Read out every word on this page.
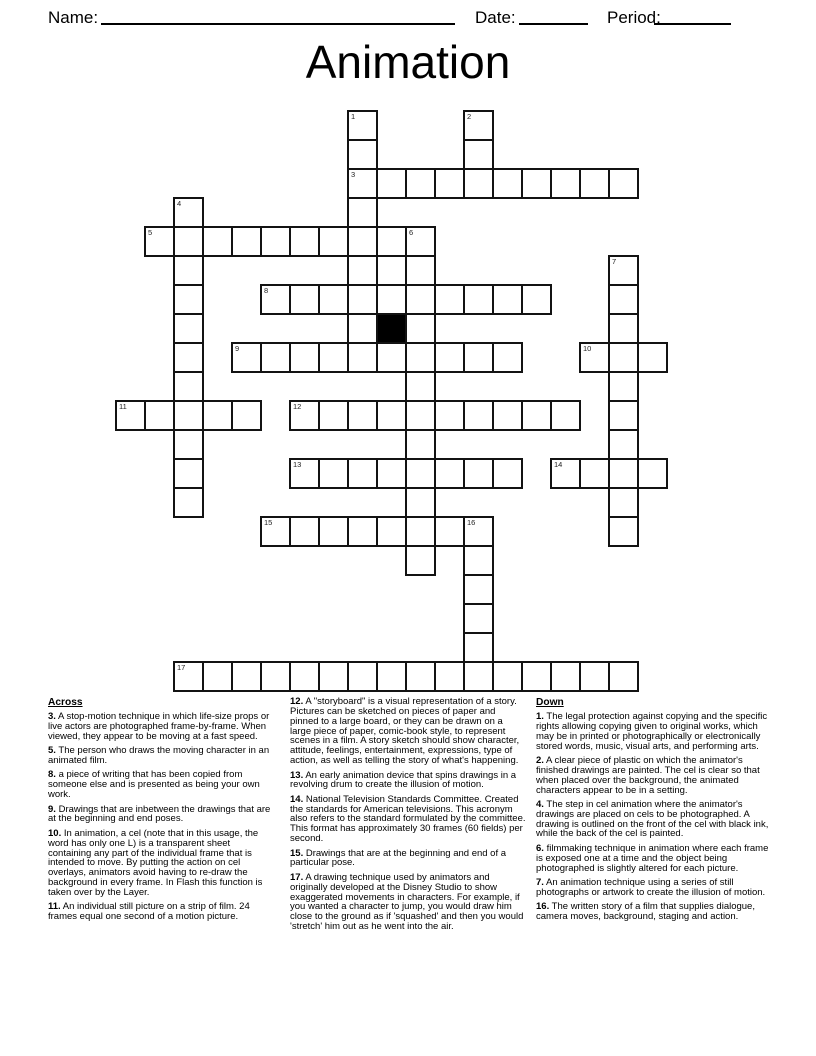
Name:	Date:	Period:
Animation
1
3
2
4
5	6
7
8
9	10
11	12
13	14
15	16
17
Across

3. A stop-motion technique in which life-size props or live actors are photographed frame-by-frame. When viewed, they appear to be moving at a fast speed.

5. The person who draws the moving character in an animated film.

8. a piece of writing that has been copied from someone else and is presented as being your own work.

9. Drawings that are inbetween the drawings that are at the beginning and end poses.

10. In animation, a cel (note that in this usage, the word has only one L) is a transparent sheet containing any part of the individual frame that is intended to move. By putting the action on cel overlays, animators avoid having to re-draw the background in every frame. In Flash this function is taken over by the Layer.

11. An individual still picture on a strip of film. 24 frames equal one second of a motion picture.

12. A "storyboard" is a visual representation of a story. Pictures can be sketched on pieces of paper and pinned to a large board, or they can be drawn on a large piece of paper, comic-book style, to represent scenes in a film. A story sketch should show character, attitude, feelings, entertainment, expressions, type of action, as well as telling the story of what's happening.

13. An early animation device that spins drawings in a revolving drum to create the illusion of motion.

14. National Television Standards Committee. Created the standards for American televisions. This acronym also refers to the standard formulated by the committee. This format has approximately 30 frames (60 fields) per second.

15. Drawings that are at the beginning and end of a particular pose.

17. A drawing technique used by animators and originally developed at the Disney Studio to show exaggerated movements in characters. For example, if you wanted a character to jump, you would draw him close to the ground as if 'squashed' and then you would 'stretch' him out as he went into the air.

Down

1. The legal protection against copying and the specific rights allowing copying given to original works, which may be in printed or photographically or electronically stored words, music, visual arts, and performing arts.

2. A clear piece of plastic on which the animator's finished drawings are painted. The cel is clear so that when placed over the background, the animated characters appear to be in a setting.

4. The step in cel animation where the animator's drawings are placed on cels to be photographed. A drawing is outlined on the front of the cel with black ink, while the back of the cel is painted.

6. filmmaking technique in animation where each frame is exposed one at a time and the object being photographed is slightly altered for each picture.

7. An animation technique using a series of still photographs or artwork to create the illusion of motion.

16. The written story of a film that supplies dialogue, camera moves, background, staging and action.
